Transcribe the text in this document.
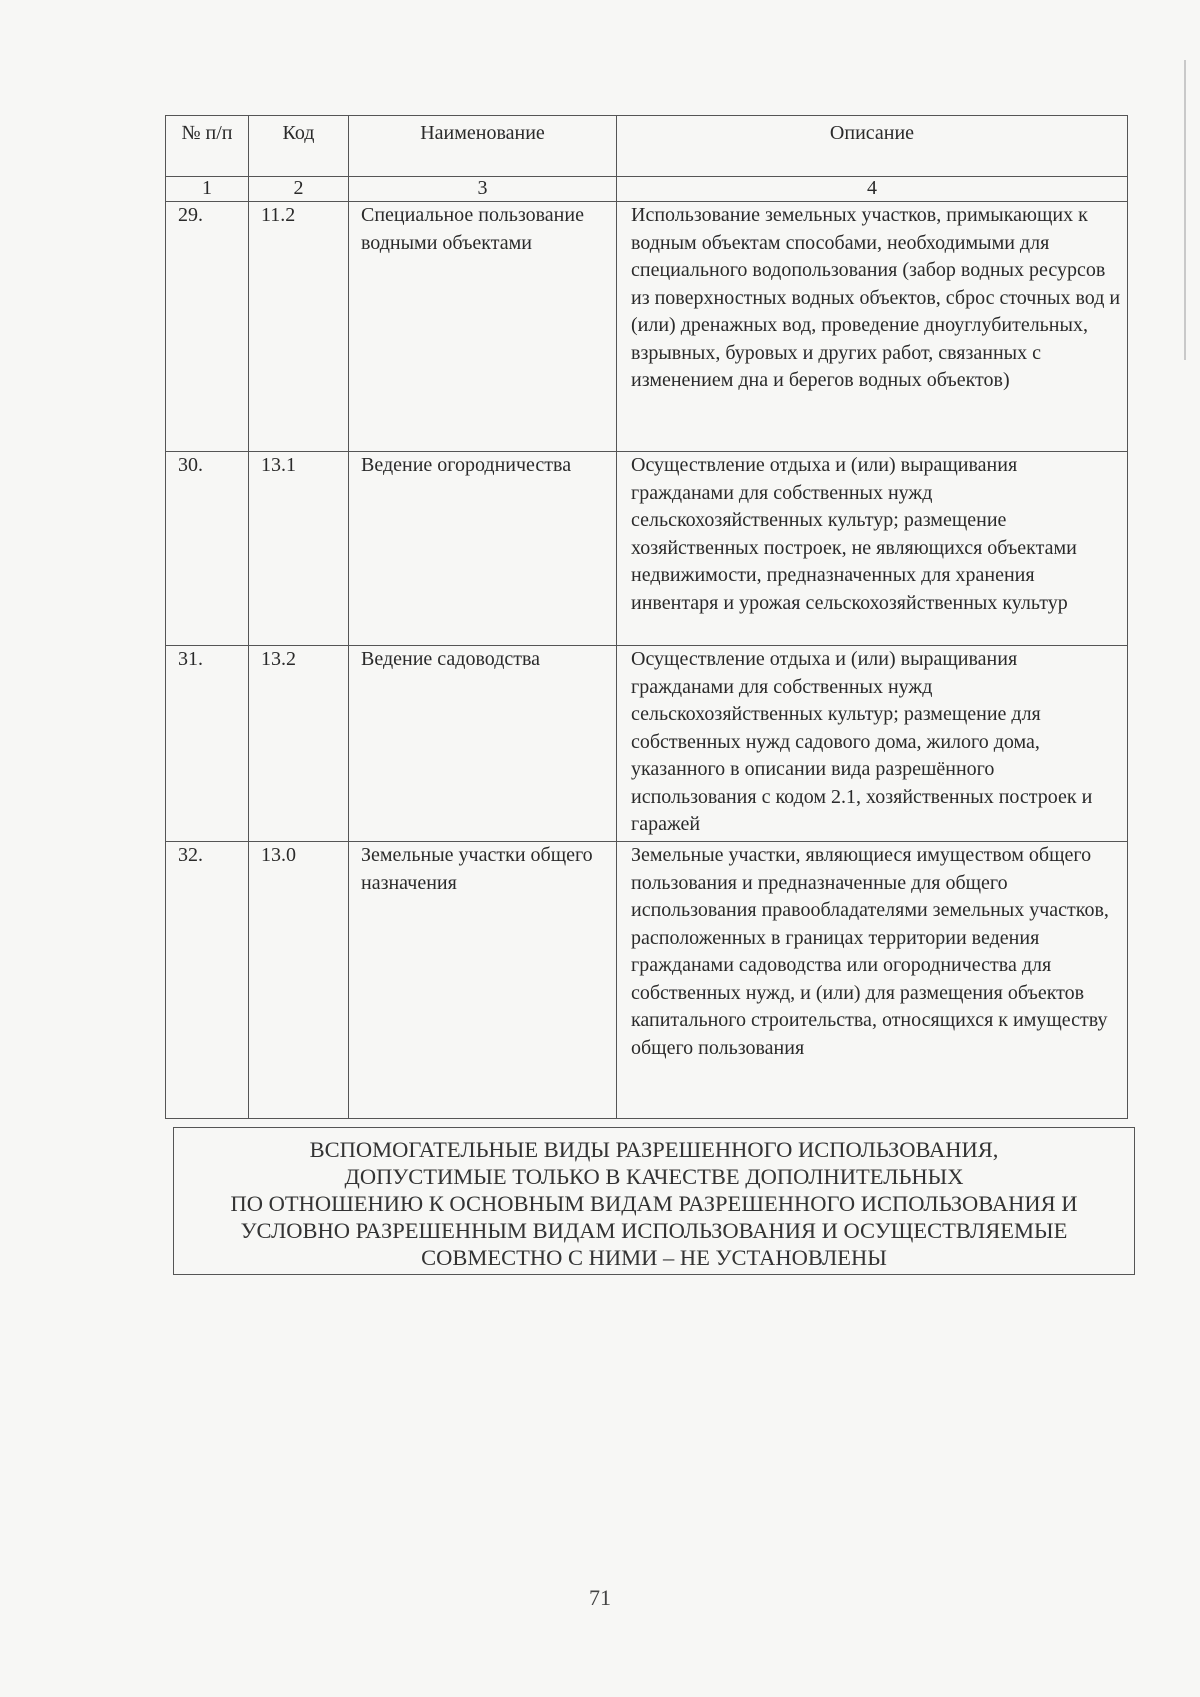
№ п/п	Код	Наименование	Описание
1	2	3	4
29.	11.2	Специальное пользование водными объектами	Использование земельных участков, примыкающих к водным объектам способами, необходимыми для специального водопользования (забор водных ресурсов из поверхностных водных объектов, сброс сточных вод и (или) дренажных вод, проведение дноуглубительных, взрывных, буровых и других работ, связанных с изменением дна и берегов водных объектов)
30.	13.1	Ведение огородничества	Осуществление отдыха и (или) выращивания гражданами для собственных нужд сельскохозяйственных культур; размещение хозяйственных построек, не являющихся объектами недвижимости, предназначенных для хранения инвентаря и урожая сельскохозяйственных культур
31.	13.2	Ведение садоводства	Осуществление отдыха и (или) выращивания гражданами для собственных нужд сельскохозяйственных культур; размещение для собственных нужд садового дома, жилого дома, указанного в описании вида разрешённого использования с кодом 2.1, хозяйственных построек и гаражей
32.	13.0	Земельные участки общего назначения	Земельные участки, являющиеся имуществом общего пользования и предназначенные для общего использования правообладателями земельных участков, расположенных в границах территории ведения гражданами садоводства или огородничества для собственных нужд, и (или) для размещения объектов капитального строительства, относящихся к имуществу общего пользования
ВСПОМОГАТЕЛЬНЫЕ ВИДЫ РАЗРЕШЕННОГО ИСПОЛЬЗОВАНИЯ,
ДОПУСТИМЫЕ ТОЛЬКО В КАЧЕСТВЕ ДОПОЛНИТЕЛЬНЫХ
ПО ОТНОШЕНИЮ К ОСНОВНЫМ ВИДАМ РАЗРЕШЕННОГО ИСПОЛЬЗОВАНИЯ И
УСЛОВНО РАЗРЕШЕННЫМ ВИДАМ ИСПОЛЬЗОВАНИЯ И ОСУЩЕСТВЛЯЕМЫЕ
СОВМЕСТНО С НИМИ – НЕ УСТАНОВЛЕНЫ
71
